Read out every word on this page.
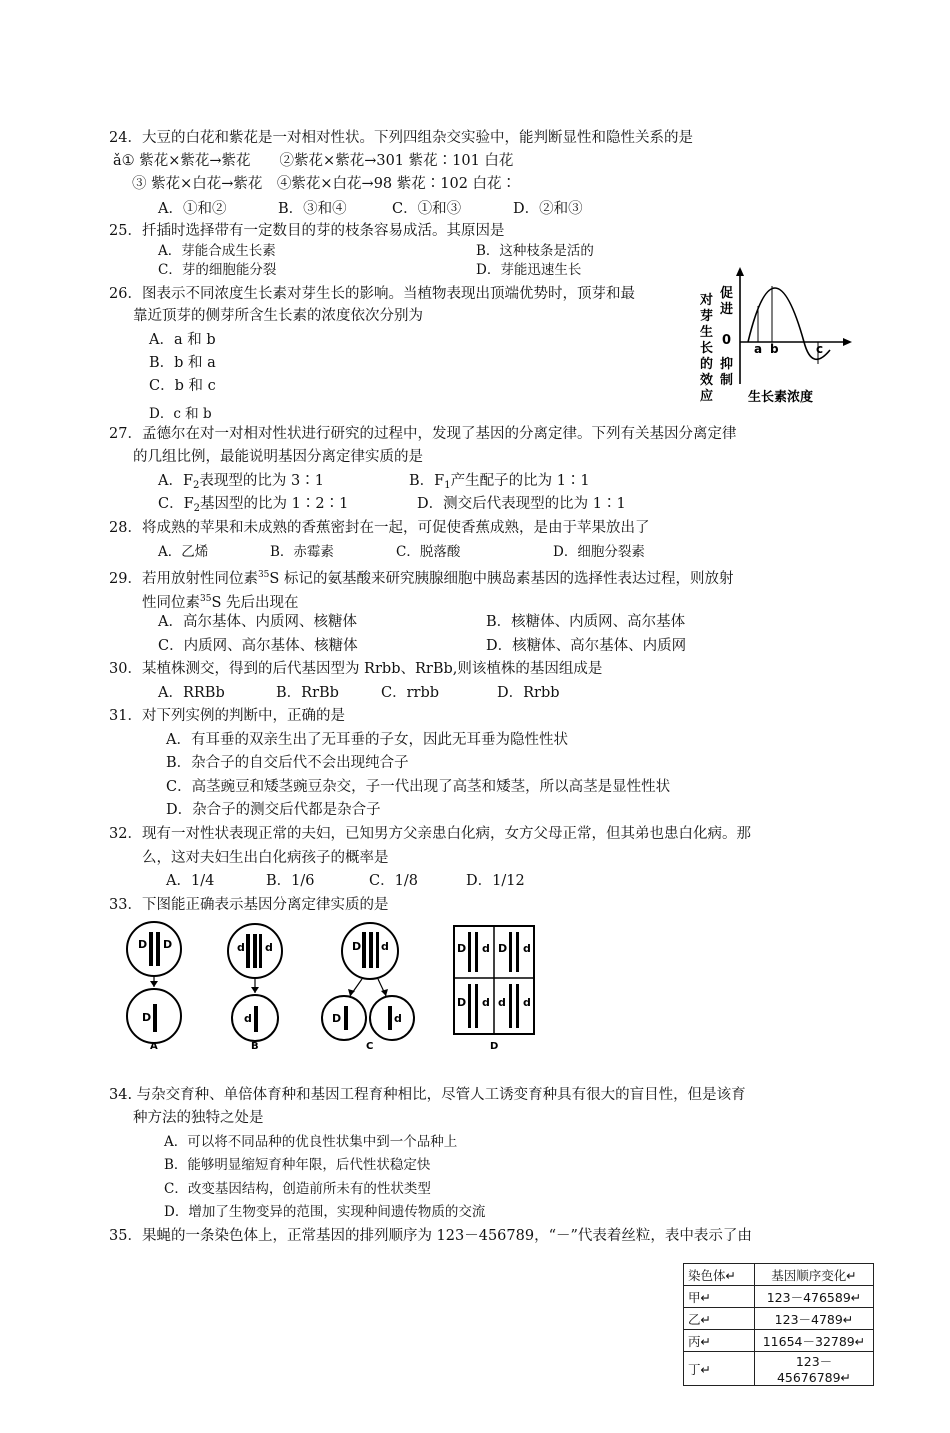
24．大豆的白花和紫花是一对相对性状。下列四组杂交实验中，能判断显性和隐性关系的是
ǎ① 紫花×紫花→紫花　　②紫花×紫花→301 紫花∶101 白花
③ 紫花×白花→紫花　④紫花×白花→98 紫花∶102 白花∶
A．①和②	B．③和④	C．①和③	D．②和③
25．扦插时选择带有一定数目的芽的枝条容易成活。其原因是
A．芽能合成生长素	B．这种枝条是活的
C．芽的细胞能分裂	D．芽能迅速生长
26．图表示不同浓度生长素对芽生长的影响。当植物表现出顶端优势时，顶芽和最
靠近顶芽的侧芽所含生长素的浓度依次分别为
A．a 和 b
B．b 和 a
C．b 和 c
D．c 和 b
对
芽
生
长
的
效
应
促
进
0
抑
制
生长素浓度
a b	c
27．孟德尔在对一对相对性状进行研究的过程中，发现了基因的分离定律。下列有关基因分离定律
的几组比例，最能说明基因分离定律实质的是
A．$F_2$表现型的比为 3∶1	B．$F_1$产生配子的比为 1∶1
C．$F_2$基因型的比为 1∶2∶1	D．测交后代表现型的比为 1∶1
28．将成熟的苹果和未成熟的香蕉密封在一起，可促使香蕉成熟，是由于苹果放出了
A．乙烯	B．赤霉素	C．脱落酸	D．细胞分裂素
29．若用放射性同位素$^{35}$S 标记的氨基酸来研究胰腺细胞中胰岛素基因的选择性表达过程，则放射
性同位素$^{35}$S 先后出现在
A．高尔基体、内质网、核糖体	B．核糖体、内质网、高尔基体
C．内质网、高尔基体、核糖体	D．核糖体、高尔基体、内质网
30．某植株测交，得到的后代基因型为 Rrbb、RrBb,则该植株的基因组成是
A．RRBb	B．RrBb	C．rrbb	D．Rrbb
31．对下列实例的判断中，正确的是
A．有耳垂的双亲生出了无耳垂的子女，因此无耳垂为隐性性状
B．杂合子的自交后代不会出现纯合子
C．高茎豌豆和矮茎豌豆杂交，子一代出现了高茎和矮茎，所以高茎是显性性状
D．杂合子的测交后代都是杂合子
32．现有一对性状表现正常的夫妇，已知男方父亲患白化病，女方父母正常，但其弟也患白化病。那
么，这对夫妇生出白化病孩子的概率是
A．1/4	B．1/6	C．1/8	D．1/12
33．下图能正确表示基因分离定律实质的是
D D
D
d d
d
D d
D	d
D d D d
D d d d
A	B	C	D
34. 与杂交育种、单倍体育种和基因工程育种相比，尽管人工诱变育种具有很大的盲目性，但是该育
种方法的独特之处是
A．可以将不同品种的优良性状集中到一个品种上
B．能够明显缩短育种年限，后代性状稳定快
C．改变基因结构，创造前所未有的性状类型
D．增加了生物变异的范围，实现种间遗传物质的交流
35．果蝇的一条染色体上，正常基因的排列顺序为 123－456789，“－”代表着丝粒，表中表示了由
染色体↵	基因顺序变化↵
甲↵	123－476589↵
乙↵	123－4789↵
丙↵	11654－32789↵
丁↵	123－45676789↵
